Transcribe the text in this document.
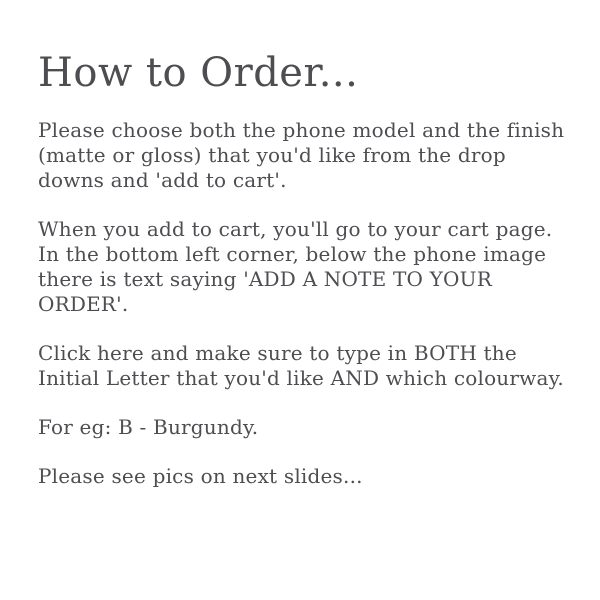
How to Order...

Please choose both the phone model and the finish (matte or gloss) that you'd like from the drop downs and 'add to cart'.

When you add to cart, you'll go to your cart page. In the bottom left corner, below the phone image there is text saying 'ADD A NOTE TO YOUR ORDER'.

Click here and make sure to type in BOTH the Initial Letter that you'd like AND which colourway.

For eg: B - Burgundy.

Please see pics on next slides...
